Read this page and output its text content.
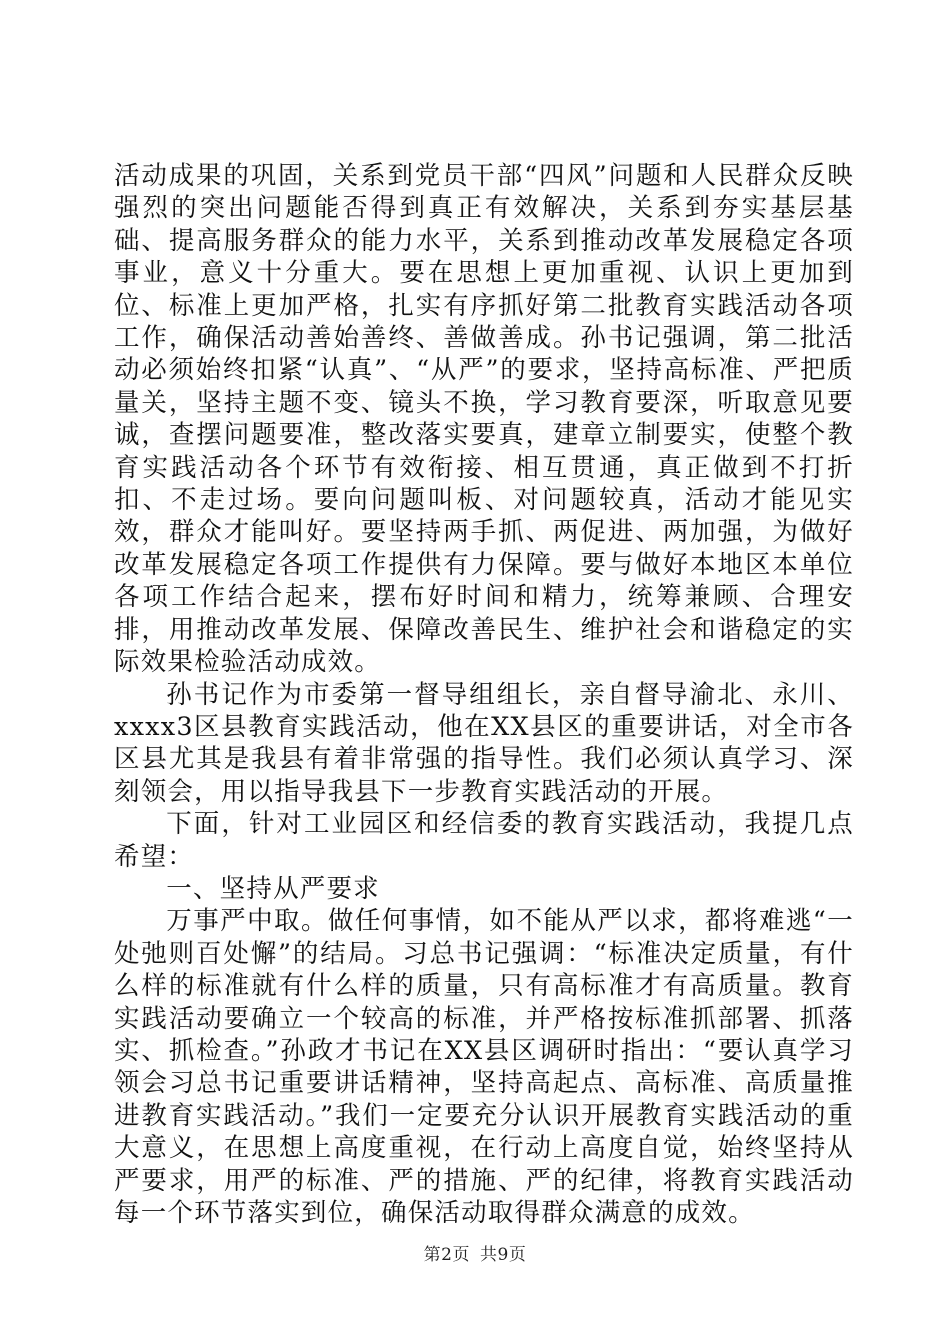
活动成果的巩固，关系到党员干部“四风”问题和人民群众反映强烈的突出问题能否得到真正有效解决，关系到夯实基层基础、提高服务群众的能力水平，关系到推动改革发展稳定各项事业，意义十分重大。要在思想上更加重视、认识上更加到位、标准上更加严格，扎实有序抓好第二批教育实践活动各项工作，确保活动善始善终、善做善成。孙书记强调，第二批活动必须始终扣紧“认真”、“从严”的要求，坚持高标准、严把质量关，坚持主题不变、镜头不换，学习教育要深，听取意见要诚，查摆问题要准，整改落实要真，建章立制要实，使整个教育实践活动各个环节有效衔接、相互贯通，真正做到不打折扣、不走过场。要向问题叫板、对问题较真，活动才能见实效，群众才能叫好。要坚持两手抓、两促进、两加强，为做好改革发展稳定各项工作提供有力保障。要与做好本地区本单位各项工作结合起来，摆布好时间和精力，统筹兼顾、合理安排，用推动改革发展、保障改善民生、维护社会和谐稳定的实际效果检验活动成效。

孙书记作为市委第一督导组组长，亲自督导渝北、永川、xxxx3区县教育实践活动，他在XX县区的重要讲话，对全市各区县尤其是我县有着非常强的指导性。我们必须认真学习、深刻领会，用以指导我县下一步教育实践活动的开展。

下面，针对工业园区和经信委的教育实践活动，我提几点希望：

一、坚持从严要求

万事严中取。做任何事情，如不能从严以求，都将难逃“一处弛则百处懈”的结局。习总书记强调：“标准决定质量，有什么样的标准就有什么样的质量，只有高标准才有高质量。教育实践活动要确立一个较高的标准，并严格按标准抓部署、抓落实、抓检查。”孙政才书记在XX县区调研时指出：“要认真学习领会习总书记重要讲话精神，坚持高起点、高标准、高质量推进教育实践活动。”我们一定要充分认识开展教育实践活动的重大意义，在思想上高度重视，在行动上高度自觉，始终坚持从严要求，用严的标准、严的措施、严的纪律，将教育实践活动每一个环节落实到位，确保活动取得群众满意的成效。

第2页 共9页
